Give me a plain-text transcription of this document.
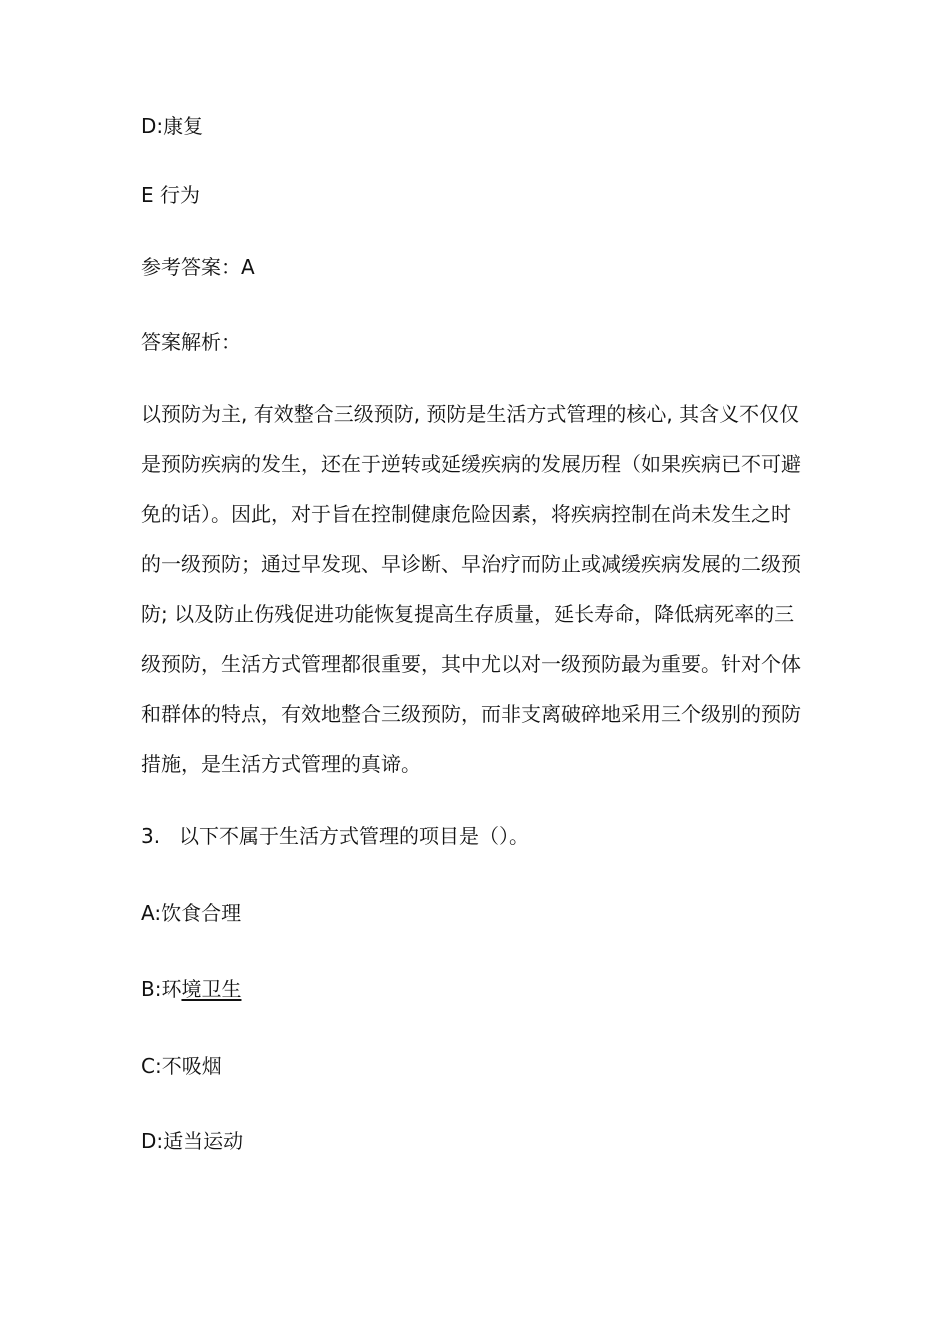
D:康复
E 行为
参考答案：A
答案解析：
以预防为主, 有效整合三级预防, 预防是生活方式管理的核心, 其含义不仅仅
是预防疾病的发生，还在于逆转或延缓疾病的发展历程（如果疾病已不可避
免的话）。因此，对于旨在控制健康危险因素，将疾病控制在尚未发生之时
的一级预防；通过早发现、早诊断、早治疗而防止或减缓疾病发展的二级预
防; 以及防止伤残促进功能恢复提高生存质量，延长寿命，降低病死率的三
级预防，生活方式管理都很重要，其中尤以对一级预防最为重要。针对个体
和群体的特点，有效地整合三级预防，而非支离破碎地采用三个级别的预防
措施，是生活方式管理的真谛。
3. 以下不属于生活方式管理的项目是（）。
A:饮食合理
B:环境卫生
C:不吸烟
D:适当运动
